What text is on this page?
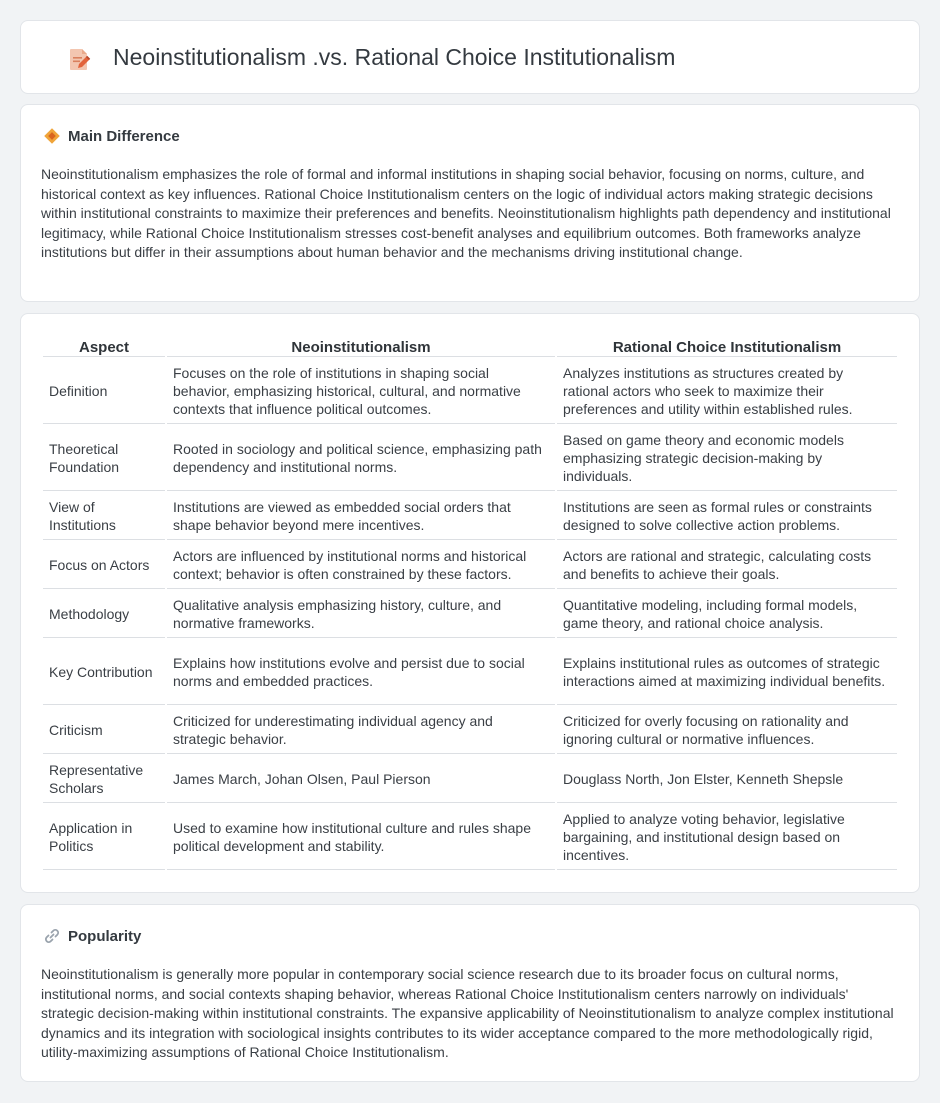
Neoinstitutionalism .vs. Rational Choice Institutionalism
Main Difference

Neoinstitutionalism emphasizes the role of formal and informal institutions in shaping social behavior, focusing on norms, culture, and historical context as key influences. Rational Choice Institutionalism centers on the logic of individual actors making strategic decisions within institutional constraints to maximize their preferences and benefits. Neoinstitutionalism highlights path dependency and institutional legitimacy, while Rational Choice Institutionalism stresses cost-benefit analyses and equilibrium outcomes. Both frameworks analyze institutions but differ in their assumptions about human behavior and the mechanisms driving institutional change.

Aspect	Neoinstitutionalism	Rational Choice Institutionalism
Definition	Focuses on the role of institutions in shaping social behavior, emphasizing historical, cultural, and normative contexts that influence political outcomes.	Analyzes institutions as structures created by rational actors who seek to maximize their preferences and utility within established rules.
Theoretical Foundation	Rooted in sociology and political science, emphasizing path dependency and institutional norms.	Based on game theory and economic models emphasizing strategic decision-making by individuals.
View of Institutions	Institutions are viewed as embedded social orders that shape behavior beyond mere incentives.	Institutions are seen as formal rules or constraints designed to solve collective action problems.
Focus on Actors	Actors are influenced by institutional norms and historical context; behavior is often constrained by these factors.	Actors are rational and strategic, calculating costs and benefits to achieve their goals.
Methodology	Qualitative analysis emphasizing history, culture, and normative frameworks.	Quantitative modeling, including formal models, game theory, and rational choice analysis.
Key Contribution	Explains how institutions evolve and persist due to social norms and embedded practices.	Explains institutional rules as outcomes of strategic interactions aimed at maximizing individual benefits.
Criticism	Criticized for underestimating individual agency and strategic behavior.	Criticized for overly focusing on rationality and ignoring cultural or normative influences.
Representative Scholars	James March, Johan Olsen, Paul Pierson	Douglass North, Jon Elster, Kenneth Shepsle
Application in Politics	Used to examine how institutional culture and rules shape political development and stability.	Applied to analyze voting behavior, legislative bargaining, and institutional design based on incentives.
Popularity

Neoinstitutionalism is generally more popular in contemporary social science research due to its broader focus on cultural norms, institutional norms, and social contexts shaping behavior, whereas Rational Choice Institutionalism centers narrowly on individuals' strategic decision-making within institutional constraints. The expansive applicability of Neoinstitutionalism to analyze complex institutional dynamics and its integration with sociological insights contributes to its wider acceptance compared to the more methodologically rigid, utility-maximizing assumptions of Rational Choice Institutionalism.
